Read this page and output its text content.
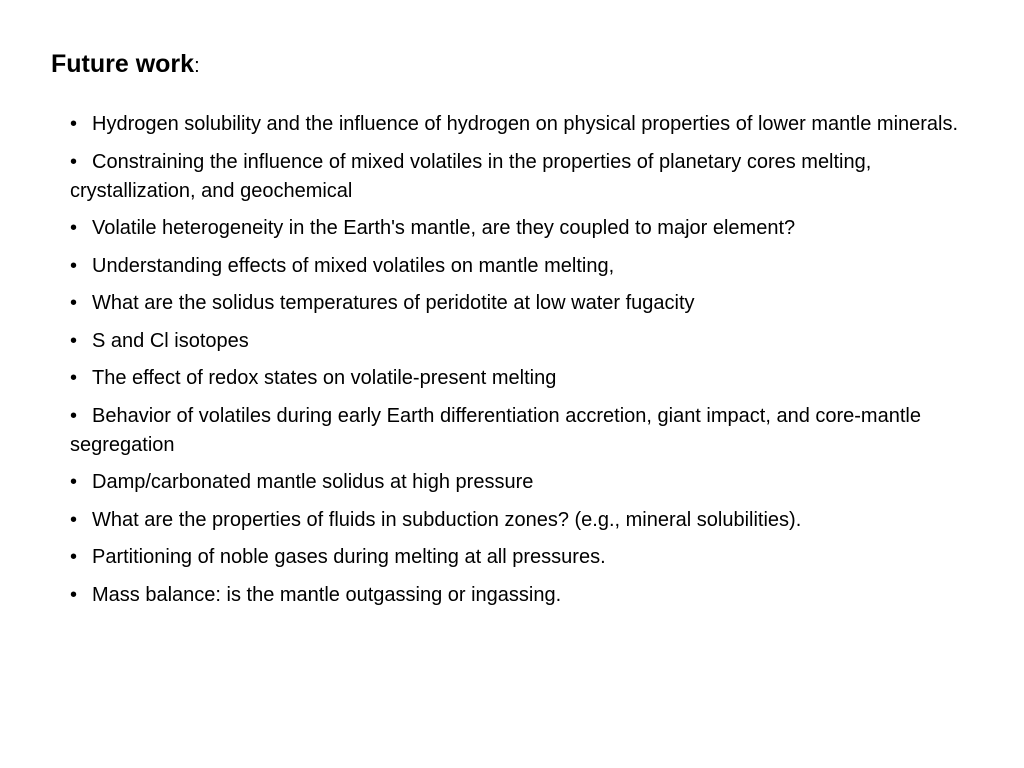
Future work:
• Hydrogen solubility and the influence of hydrogen on physical properties of lower mantle minerals.
• Constraining the influence of mixed volatiles in the properties of planetary cores melting, crystallization, and geochemical
• Volatile heterogeneity in the Earth's mantle, are they coupled to major element?
• Understanding effects of mixed volatiles on mantle melting,
• What are the solidus temperatures of peridotite at low water fugacity
• S and Cl isotopes
• The effect of redox states on volatile-present melting
• Behavior of volatiles during early Earth differentiation accretion, giant impact, and core-mantle segregation
• Damp/carbonated mantle solidus at high pressure
• What are the properties of fluids in subduction zones? (e.g., mineral solubilities).
• Partitioning of noble gases during melting at all pressures.
• Mass balance: is the mantle outgassing or ingassing.
